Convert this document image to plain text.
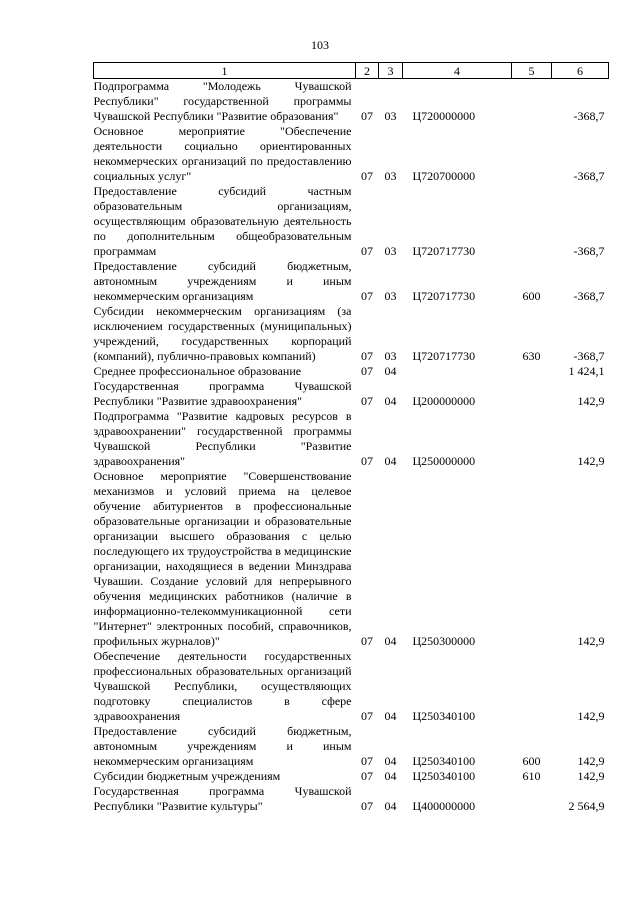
103
1	2	3	4	5	6
Подпрограмма "Молодежь Чувашской Республики" государственной программы Чувашской Республики "Развитие образования"	07	03	Ц720000000		-368,7
Основное мероприятие "Обеспечение деятельности социально ориентированных некоммерческих организаций по предоставлению социальных услуг"	07	03	Ц720700000		-368,7
Предоставление субсидий частным образовательным организациям, осуществляющим образовательную деятельность по дополнительным общеобразовательным программам	07	03	Ц720717730		-368,7
Предоставление субсидий бюджетным, автономным учреждениям и иным некоммерческим организациям	07	03	Ц720717730	600	-368,7
Субсидии некоммерческим организациям (за исключением государственных (муниципальных) учреждений, государственных корпораций (компаний), публично-правовых компаний)	07	03	Ц720717730	630	-368,7
Среднее профессиональное образование	07	04			1 424,1
Государственная программа Чувашской Республики "Развитие здравоохранения"	07	04	Ц200000000		142,9
Подпрограмма "Развитие кадровых ресурсов в здравоохранении" государственной программы Чувашской Республики "Развитие здравоохранения"	07	04	Ц250000000		142,9
Основное мероприятие "Совершенствование механизмов и условий приема на целевое обучение абитуриентов в профессиональные образовательные организации и образовательные организации высшего образования с целью последующего их трудоустройства в медицинские организации, находящиеся в ведении Минздрава Чувашии. Создание условий для непрерывного обучения медицинских работников (наличие в информационно-телекоммуникационной сети "Интернет" электронных пособий, справочников, профильных журналов)"	07	04	Ц250300000		142,9
Обеспечение деятельности государственных профессиональных образовательных организаций Чувашской Республики, осуществляющих подготовку специалистов в сфере здравоохранения	07	04	Ц250340100		142,9
Предоставление субсидий бюджетным, автономным учреждениям и иным некоммерческим организациям	07	04	Ц250340100	600	142,9
Субсидии бюджетным учреждениям	07	04	Ц250340100	610	142,9
Государственная программа Чувашской Республики "Развитие культуры"	07	04	Ц400000000		2 564,9
